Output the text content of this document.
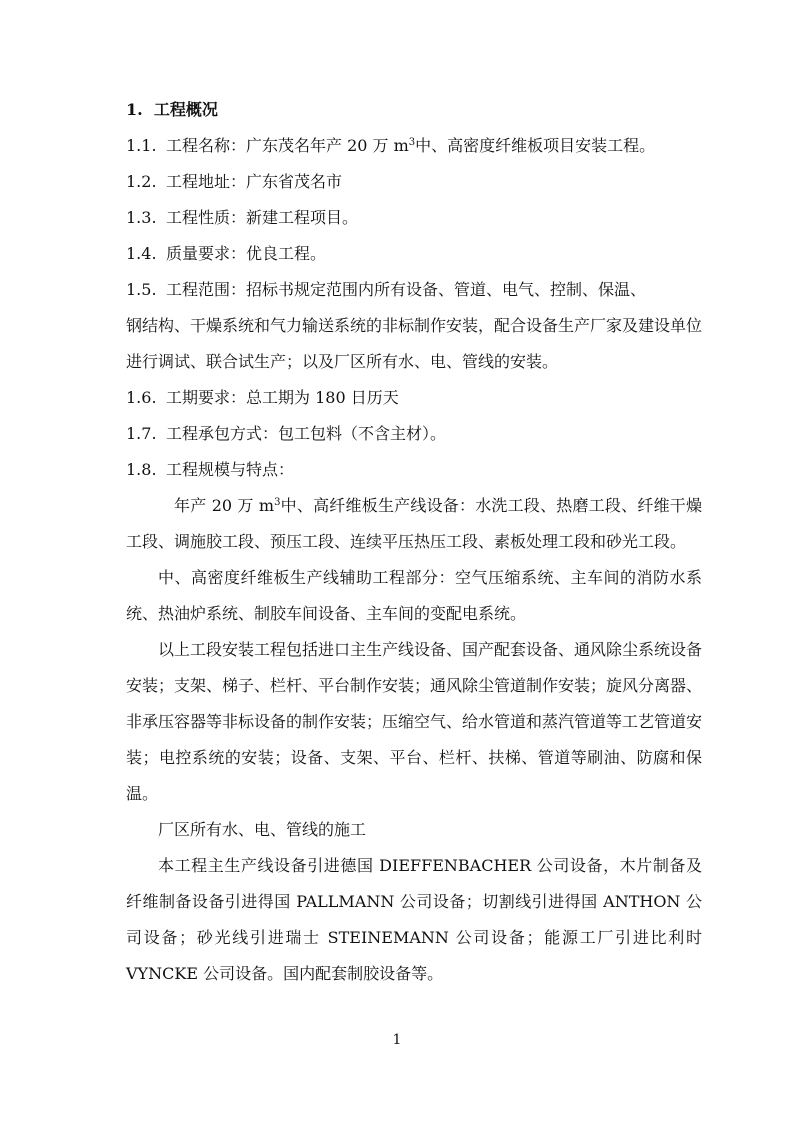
1. 工程概况

1.1. 工程名称：广东茂名年产 20 万 $m^3$中、高密度纤维板项目安装工程。

1.2. 工程地址：广东省茂名市

1.3. 工程性质：新建工程项目。

1.4. 质量要求：优良工程。

1.5. 工程范围：招标书规定范围内所有设备、管道、电气、控制、保温、

钢结构、干燥系统和气力输送系统的非标制作安装，配合设备生产厂家及建设单位进行调试、联合试生产；以及厂区所有水、电、管线的安装。

1.6. 工期要求：总工期为 180 日历天

1.7. 工程承包方式：包工包料（不含主材）。

1.8. 工程规模与特点：

年产 20 万 $m^3$中、高纤维板生产线设备：水洗工段、热磨工段、纤维干燥工段、调施胶工段、预压工段、连续平压热压工段、素板处理工段和砂光工段。

中、高密度纤维板生产线辅助工程部分：空气压缩系统、主车间的消防水系统、热油炉系统、制胶车间设备、主车间的变配电系统。

以上工段安装工程包括进口主生产线设备、国产配套设备、通风除尘系统设备安装；支架、梯子、栏杆、平台制作安装；通风除尘管道制作安装；旋风分离器、非承压容器等非标设备的制作安装；压缩空气、给水管道和蒸汽管道等工艺管道安装；电控系统的安装；设备、支架、平台、栏杆、扶梯、管道等刷油、防腐和保温。

厂区所有水、电、管线的施工

本工程主生产线设备引进德国 DIEFFENBACHER 公司设备，木片制备及纤维制备设备引进得国 PALLMANN 公司设备；切割线引进得国 ANTHON 公司设备；砂光线引进瑞士 STEINEMANN 公司设备；能源工厂引进比利时 VYNCKE 公司设备。国内配套制胶设备等。

1
